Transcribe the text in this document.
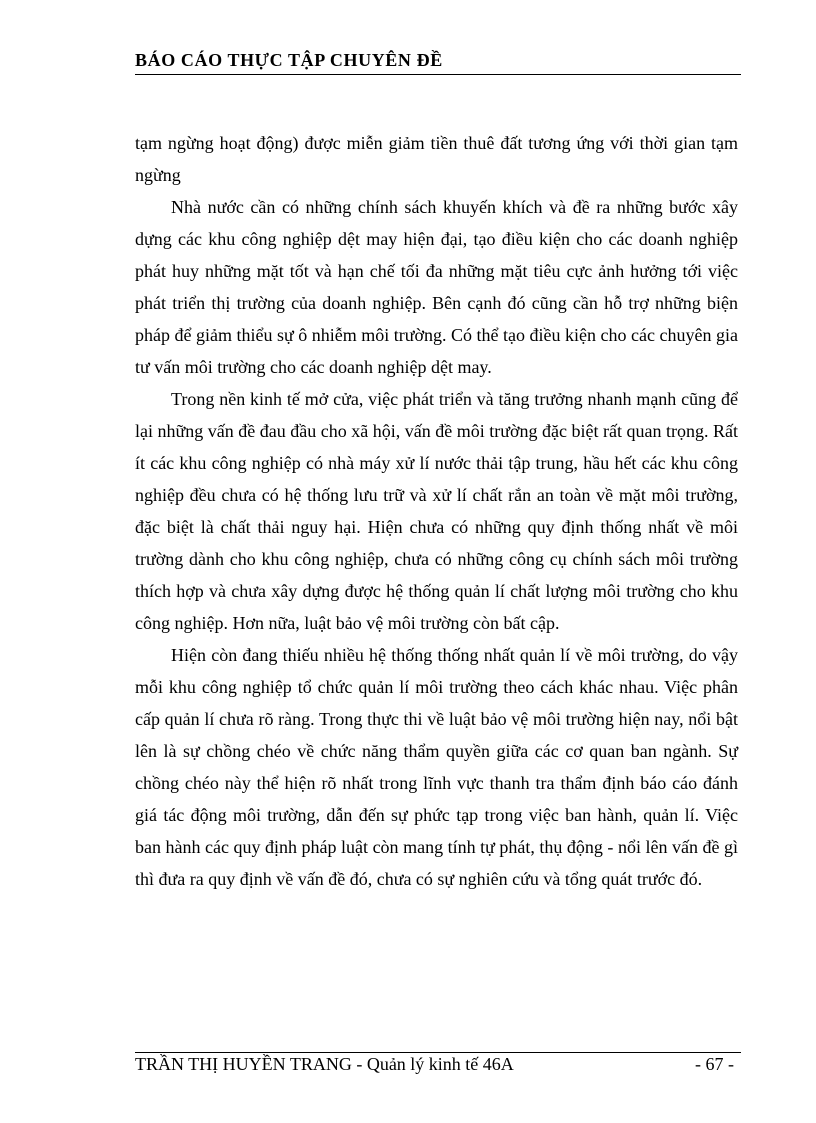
BÁO CÁO THỰC TẬP CHUYÊN ĐỀ

tạm ngừng hoạt động) được miễn giảm tiền thuê đất tương ứng với thời gian tạm ngừng

Nhà nước cần có những chính sách khuyến khích và đề ra những bước xây dựng các khu công nghiệp dệt may hiện đại, tạo điều kiện cho các doanh nghiệp phát huy những mặt tốt và hạn chế tối đa những mặt tiêu cực ảnh hưởng tới việc phát triển thị trường của doanh nghiệp. Bên cạnh đó cũng cần hỗ trợ những biện pháp để giảm thiểu sự ô nhiễm môi trường. Có thể tạo điều kiện cho các chuyên gia tư vấn môi trường cho các doanh nghiệp dệt may.

Trong nền kinh tế mở cửa, việc phát triển và tăng trưởng nhanh mạnh cũng để lại những vấn đề đau đầu cho xã hội, vấn đề môi trường đặc biệt rất quan trọng. Rất ít các khu công nghiệp có nhà máy xử lí nước thải tập trung, hầu hết các khu công nghiệp đều chưa có hệ thống lưu trữ và xử lí chất rắn an toàn về mặt môi trường, đặc biệt là chất thải nguy hại. Hiện chưa có những quy định thống nhất về môi trường dành cho khu công nghiệp, chưa có những công cụ chính sách môi trường thích hợp và chưa xây dựng được hệ thống quản lí chất lượng môi trường cho khu công nghiệp. Hơn nữa, luật bảo vệ môi trường còn bất cập.

Hiện còn đang thiếu nhiều hệ thống thống nhất quản lí về môi trường, do vậy mỗi khu công nghiệp tổ chức quản lí môi trường theo cách khác nhau. Việc phân cấp quản lí chưa rõ ràng. Trong thực thi về luật bảo vệ môi trường hiện nay, nổi bật lên là sự chồng chéo về chức năng thẩm quyền giữa các cơ quan ban ngành. Sự chồng chéo này thể hiện rõ nhất trong lĩnh vực thanh tra thẩm định báo cáo đánh giá tác động môi trường, dẫn đến sự phức tạp trong việc ban hành, quản lí. Việc ban hành các quy định pháp luật còn mang tính tự phát, thụ động - nổi lên vấn đề gì thì đưa ra quy định về vấn đề đó, chưa có sự nghiên cứu và tổng quát trước đó.

TRẦN THỊ HUYỀN TRANG - Quản lý kinh tế 46A	- 67 -
